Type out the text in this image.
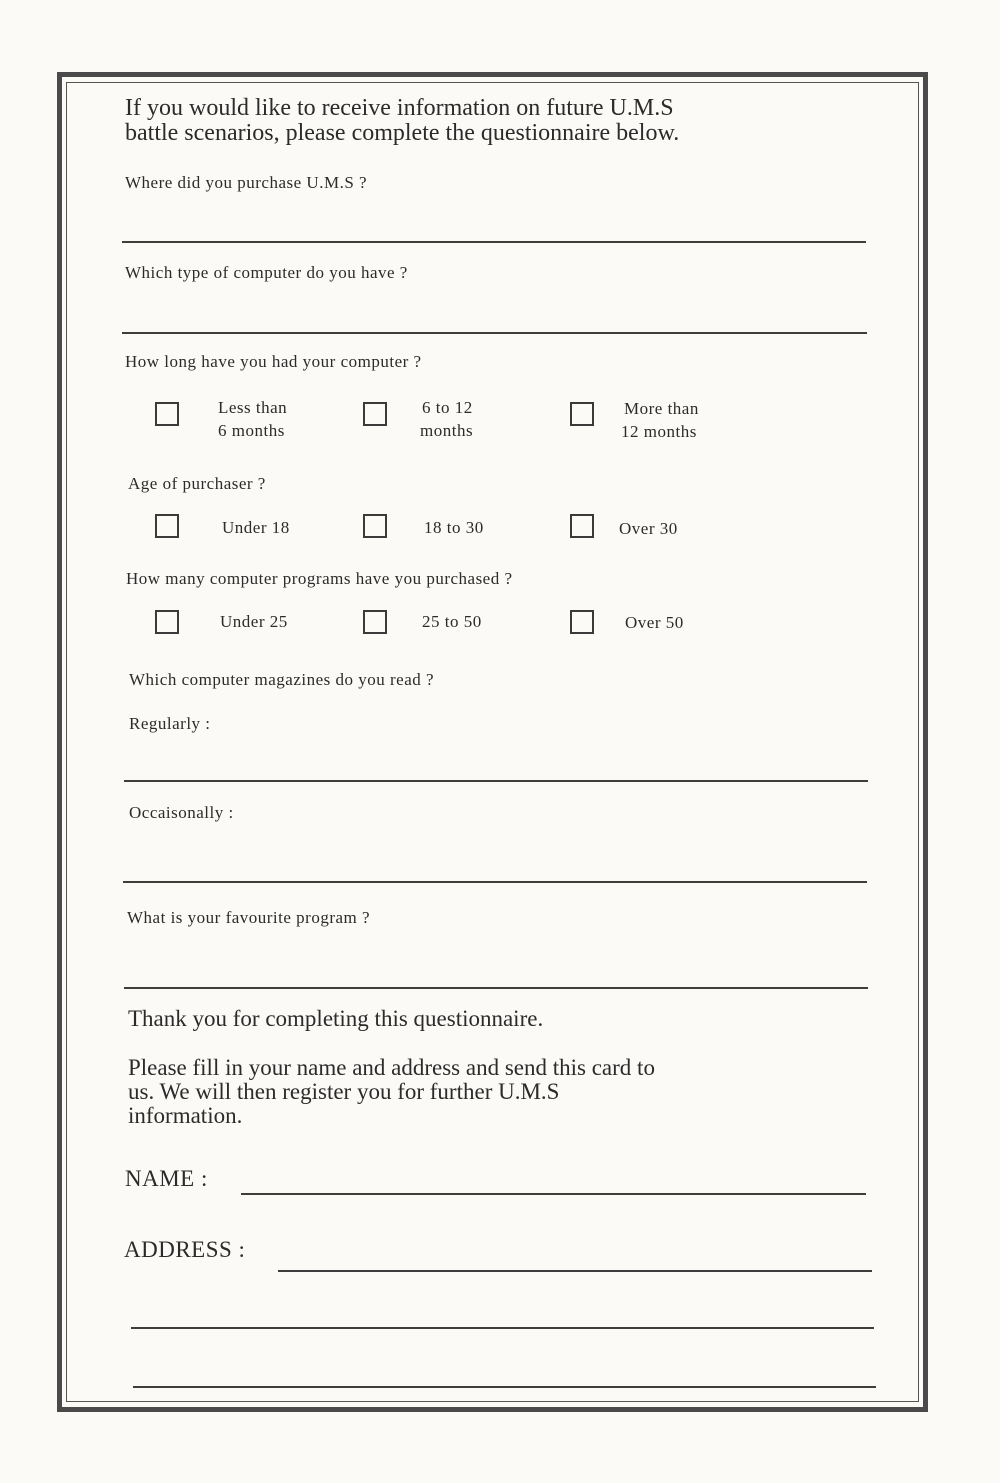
If you would like to receive information on future U.M.S
battle scenarios, please complete the questionnaire below.
Where did you purchase U.M.S ?
Which type of computer do you have ?
How long have you had your computer ?
Less than
6 months
6 to 12
months
More than
12 months
Age of purchaser ?
Under 18	18 to 30	Over 30
How many computer programs have you purchased ?
Under 25	25 to 50	Over 50
Which computer magazines do you read ?
Regularly :
Occaisonally :
What is your favourite program ?
Thank you for completing this questionnaire.
Please fill in your name and address and send this card to
us. We will then register you for further U.M.S
information.
NAME :
ADDRESS :
